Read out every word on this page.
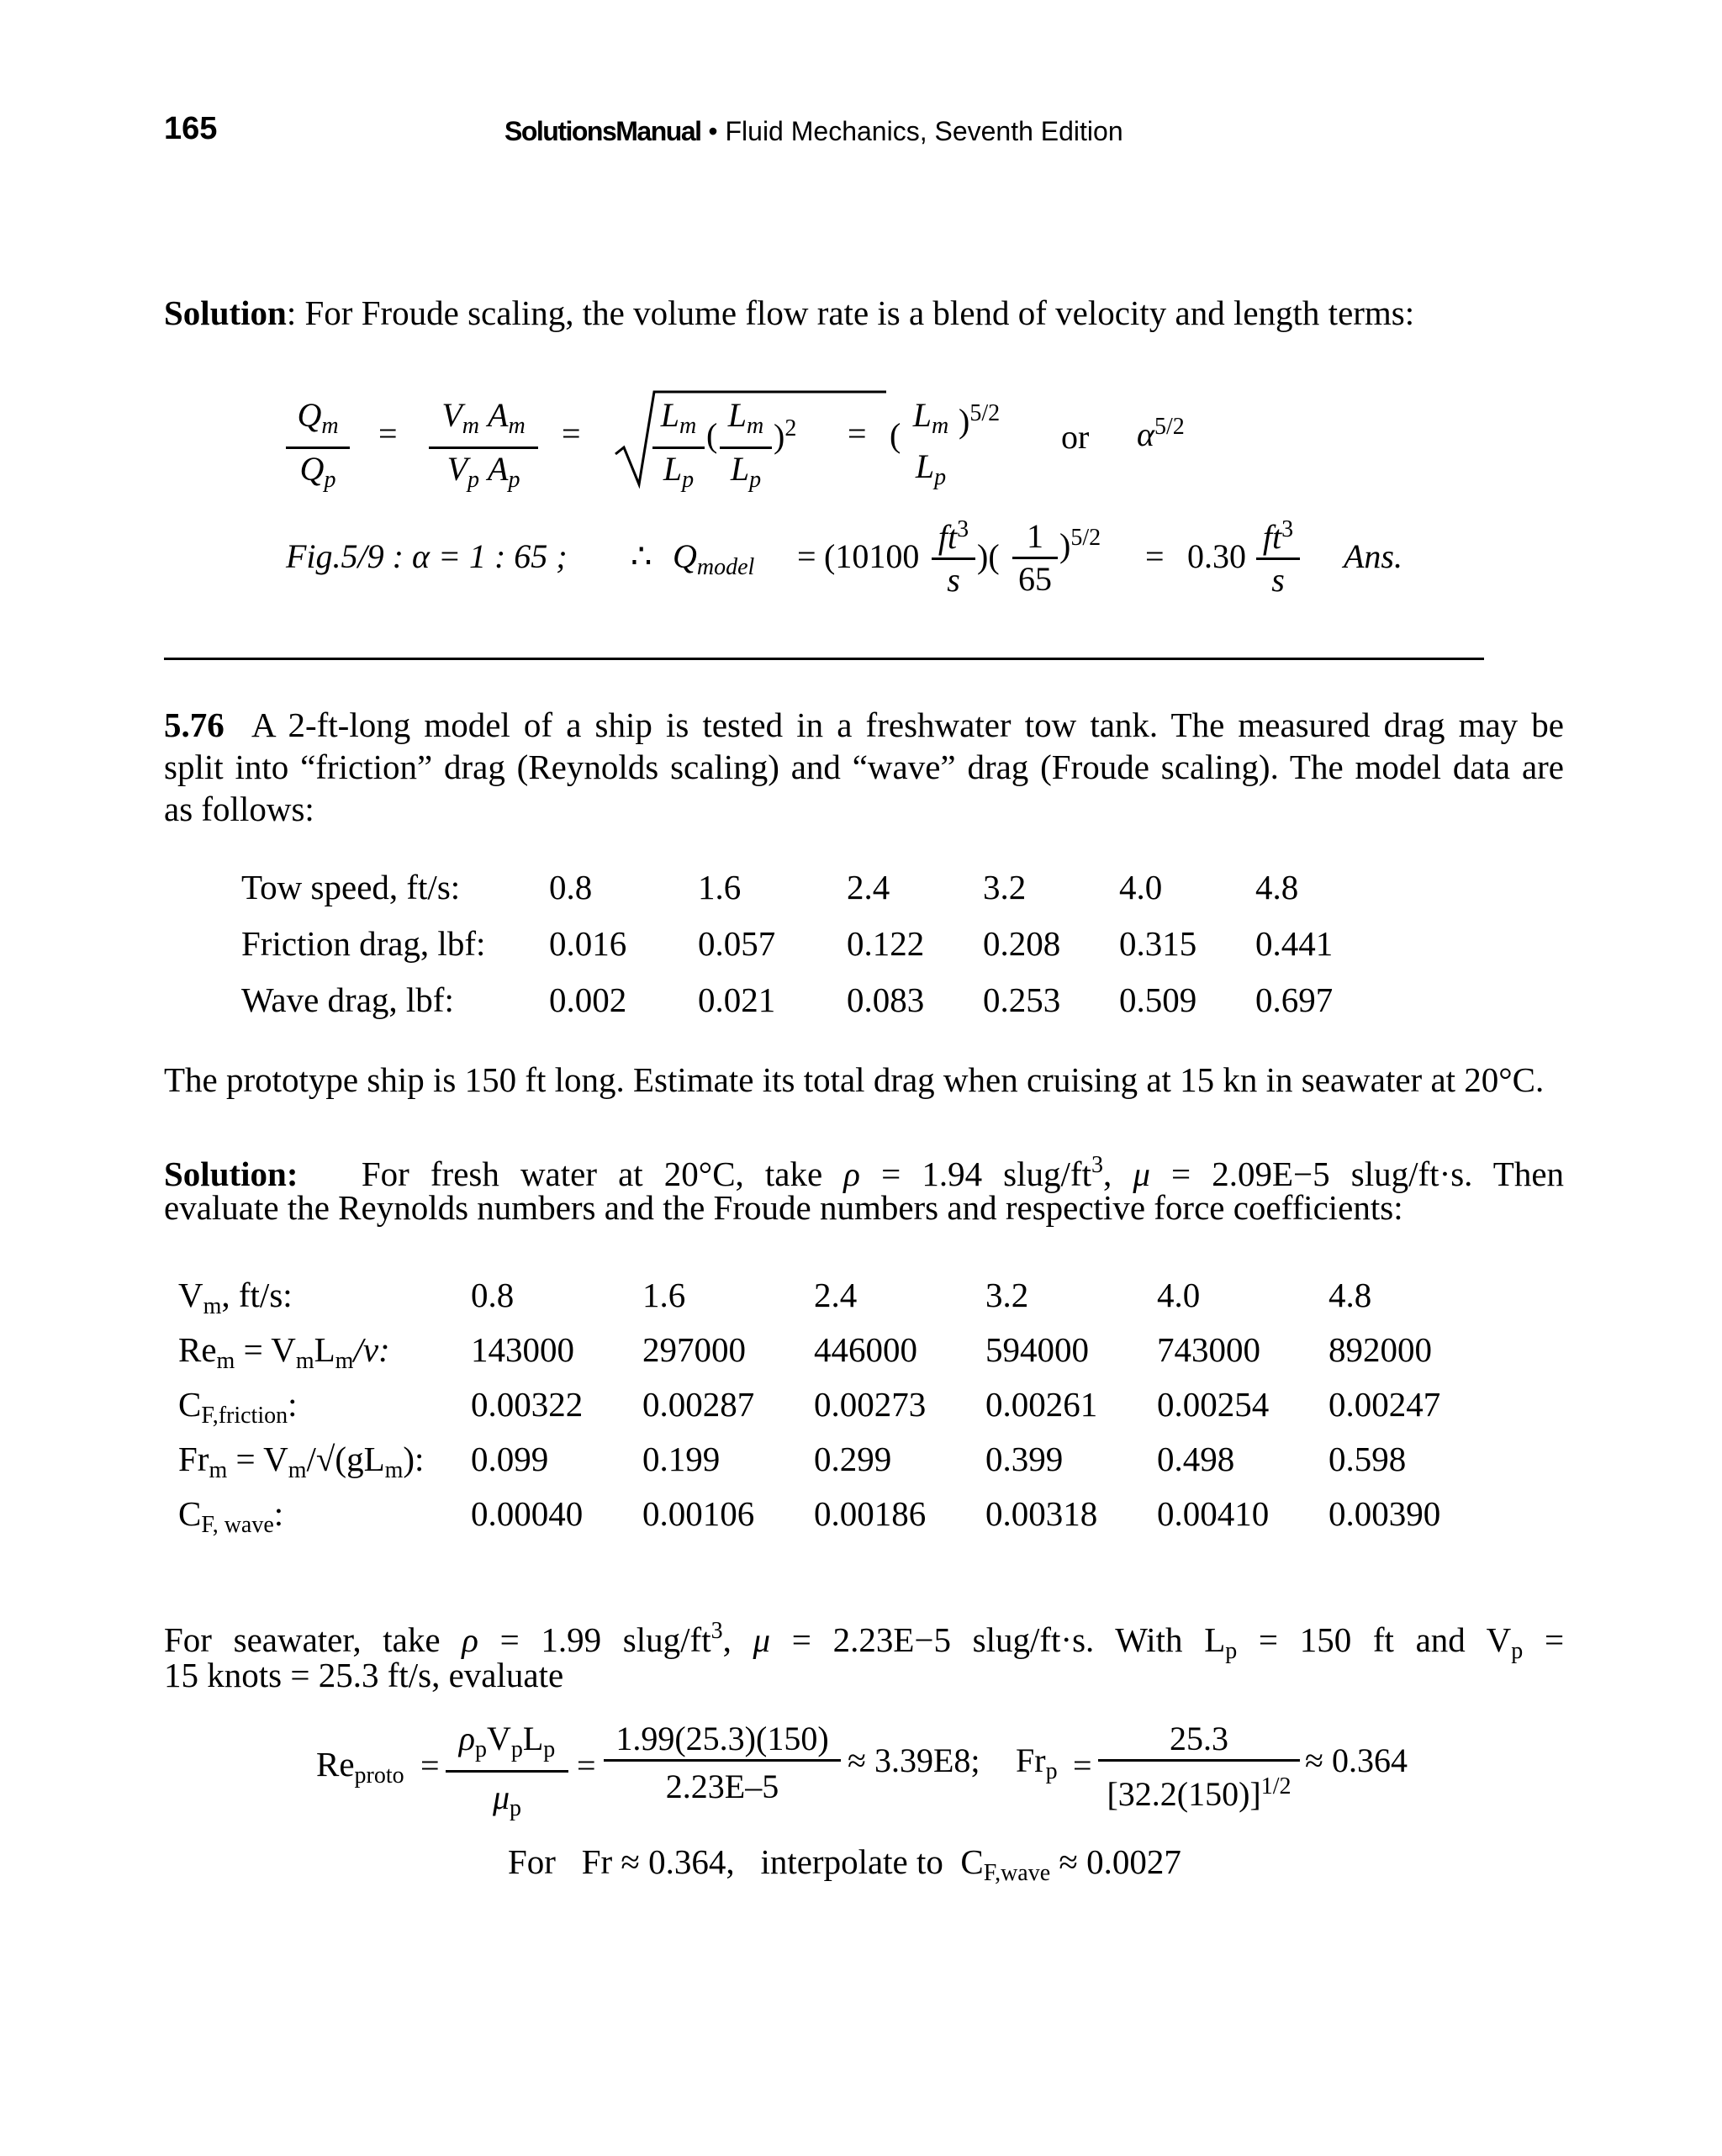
165	SolutionsManual • Fluid Mechanics, Seventh Edition
Solution: For Froude scaling, the volume flow rate is a blend of velocity and length terms:
$\frac{Q_m}{Q_p} = \frac{V_m A_m}{V_p A_p} = \frac{L_m}{L_p}$ ( $\frac{L_m}{L_p} )^2$ = (
$L_m$
$L_p$
)$^{5/2}$
or $\alpha^{5/2}$
Fig.5/9 : α = 1 : 65 ; ∴ $Q_{model} = (10100 \frac{ft^3}{s}$ )( $\frac{1}{65} )^{5/2} = 0.30 \frac{ft^3}{s}$ Ans.
5.76 A 2-ft-long model of a ship is tested in a freshwater tow tank. The measured drag may be
split into “friction” drag (Reynolds scaling) and “wave” drag (Froude scaling). The model data are
as follows:
Tow speed, ft/s:	0.8	1.6	2.4	3.2	4.0	4.8
Friction drag, lbf: 0.016 0.057 0.122 0.208 0.315 0.441
Wave drag, lbf:	0.002 0.021 0.083 0.253 0.509 0.697
The prototype ship is 150 ft long. Estimate its total drag when cruising at 15 kn in seawater at 20°C.
Solution: For fresh water at 20°C, take ρ = 1.94 slug/$ft^3$, μ = 2.09E−5 slug/ft·s. Then
evaluate the Reynolds numbers and the Froude numbers and respective force coefficients:
$V_m$, ft/s:	0.8	1.6	2.4	3.2	4.0	4.8
$Re_m = V_mL_m/\nu$: 143000 297000 446000 594000 743000 892000
$C_{F,friction}$:	0.00322 0.00287 0.00273 0.00261 0.00254 0.00247
$Fr_m = V_m/√(gL_m)$: 0.099	0.199	0.299	0.399	0.498	0.598
$C_{F, wave}$:	0.00040 0.00106 0.00186 0.00318 0.00410 0.00390
For seawater, take ρ = 1.99 slug/$ft^3$, μ = 2.23E−5 slug/ft·s. With $L_p = 150$ ft and $V_p$ =
15 knots = 25.3 ft/s, evaluate
$Re_{proto}$ =
$\rho_pV_pL_p$
$\mu_p$
= $\frac{1.99(25.3)(150)}{2.23E-5} \approx 3.39E8$; $Fr_p = \frac{25.3}{[32.2(150)]^{1/2}} \approx 0.364$
For Fr ≈ 0.364, interpolate to $C_{F,wave} \approx 0.0027$
